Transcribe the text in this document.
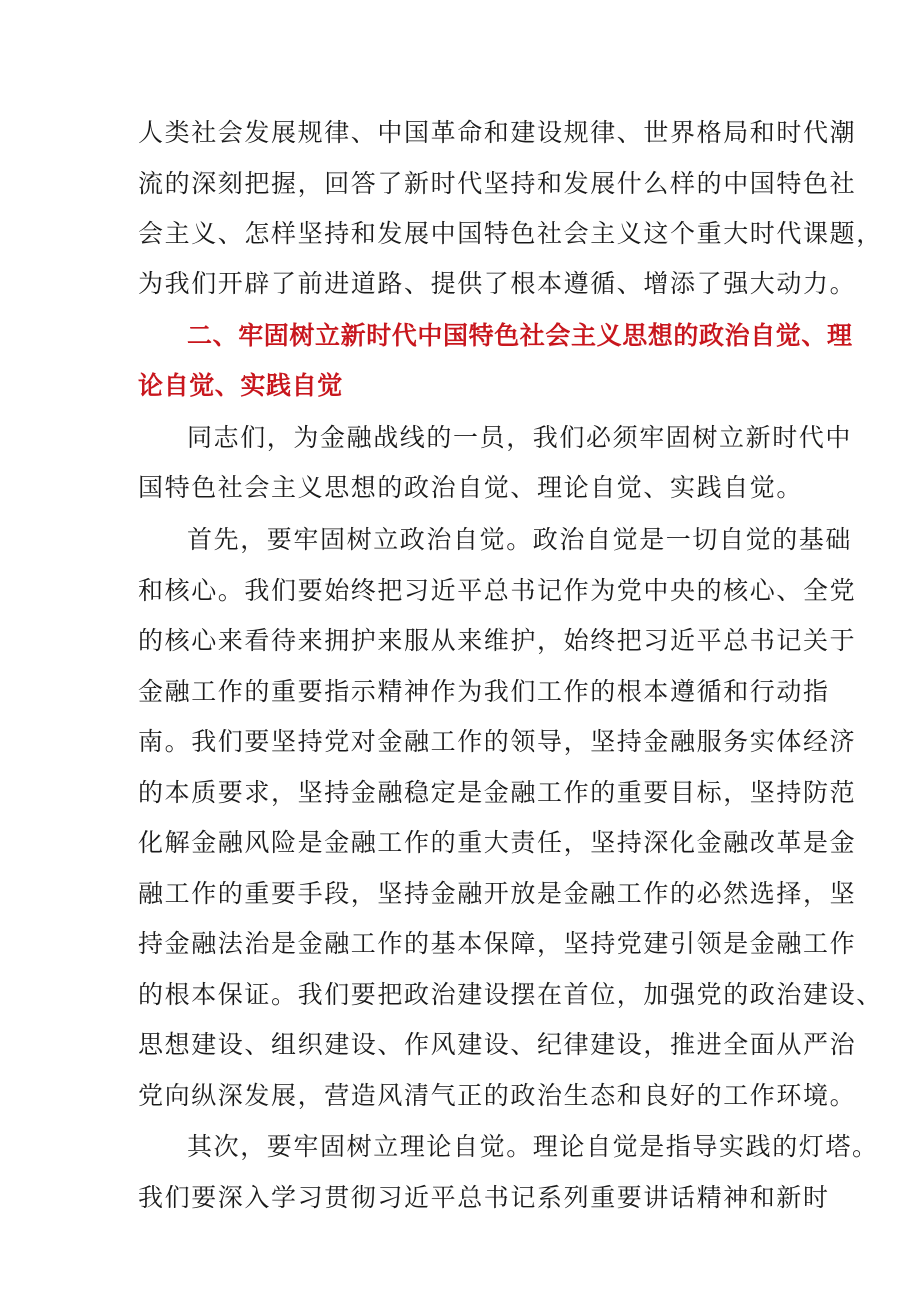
人类社会发展规律、中国革命和建设规律、世界格局和时代潮
流的深刻把握，回答了新时代坚持和发展什么样的中国特色社
会主义、怎样坚持和发展中国特色社会主义这个重大时代课题，
为我们开辟了前进道路、提供了根本遵循、增添了强大动力。
二、牢固树立新时代中国特色社会主义思想的政治自觉、理
论自觉、实践自觉
同志们，为金融战线的一员，我们必须牢固树立新时代中
国特色社会主义思想的政治自觉、理论自觉、实践自觉。
首先，要牢固树立政治自觉。政治自觉是一切自觉的基础
和核心。我们要始终把习近平总书记作为党中央的核心、全党
的核心来看待来拥护来服从来维护，始终把习近平总书记关于
金融工作的重要指示精神作为我们工作的根本遵循和行动指
南。我们要坚持党对金融工作的领导，坚持金融服务实体经济
的本质要求，坚持金融稳定是金融工作的重要目标，坚持防范
化解金融风险是金融工作的重大责任，坚持深化金融改革是金
融工作的重要手段，坚持金融开放是金融工作的必然选择，坚
持金融法治是金融工作的基本保障，坚持党建引领是金融工作
的根本保证。我们要把政治建设摆在首位，加强党的政治建设、
思想建设、组织建设、作风建设、纪律建设，推进全面从严治
党向纵深发展，营造风清气正的政治生态和良好的工作环境。
其次，要牢固树立理论自觉。理论自觉是指导实践的灯塔。
我们要深入学习贯彻习近平总书记系列重要讲话精神和新时
